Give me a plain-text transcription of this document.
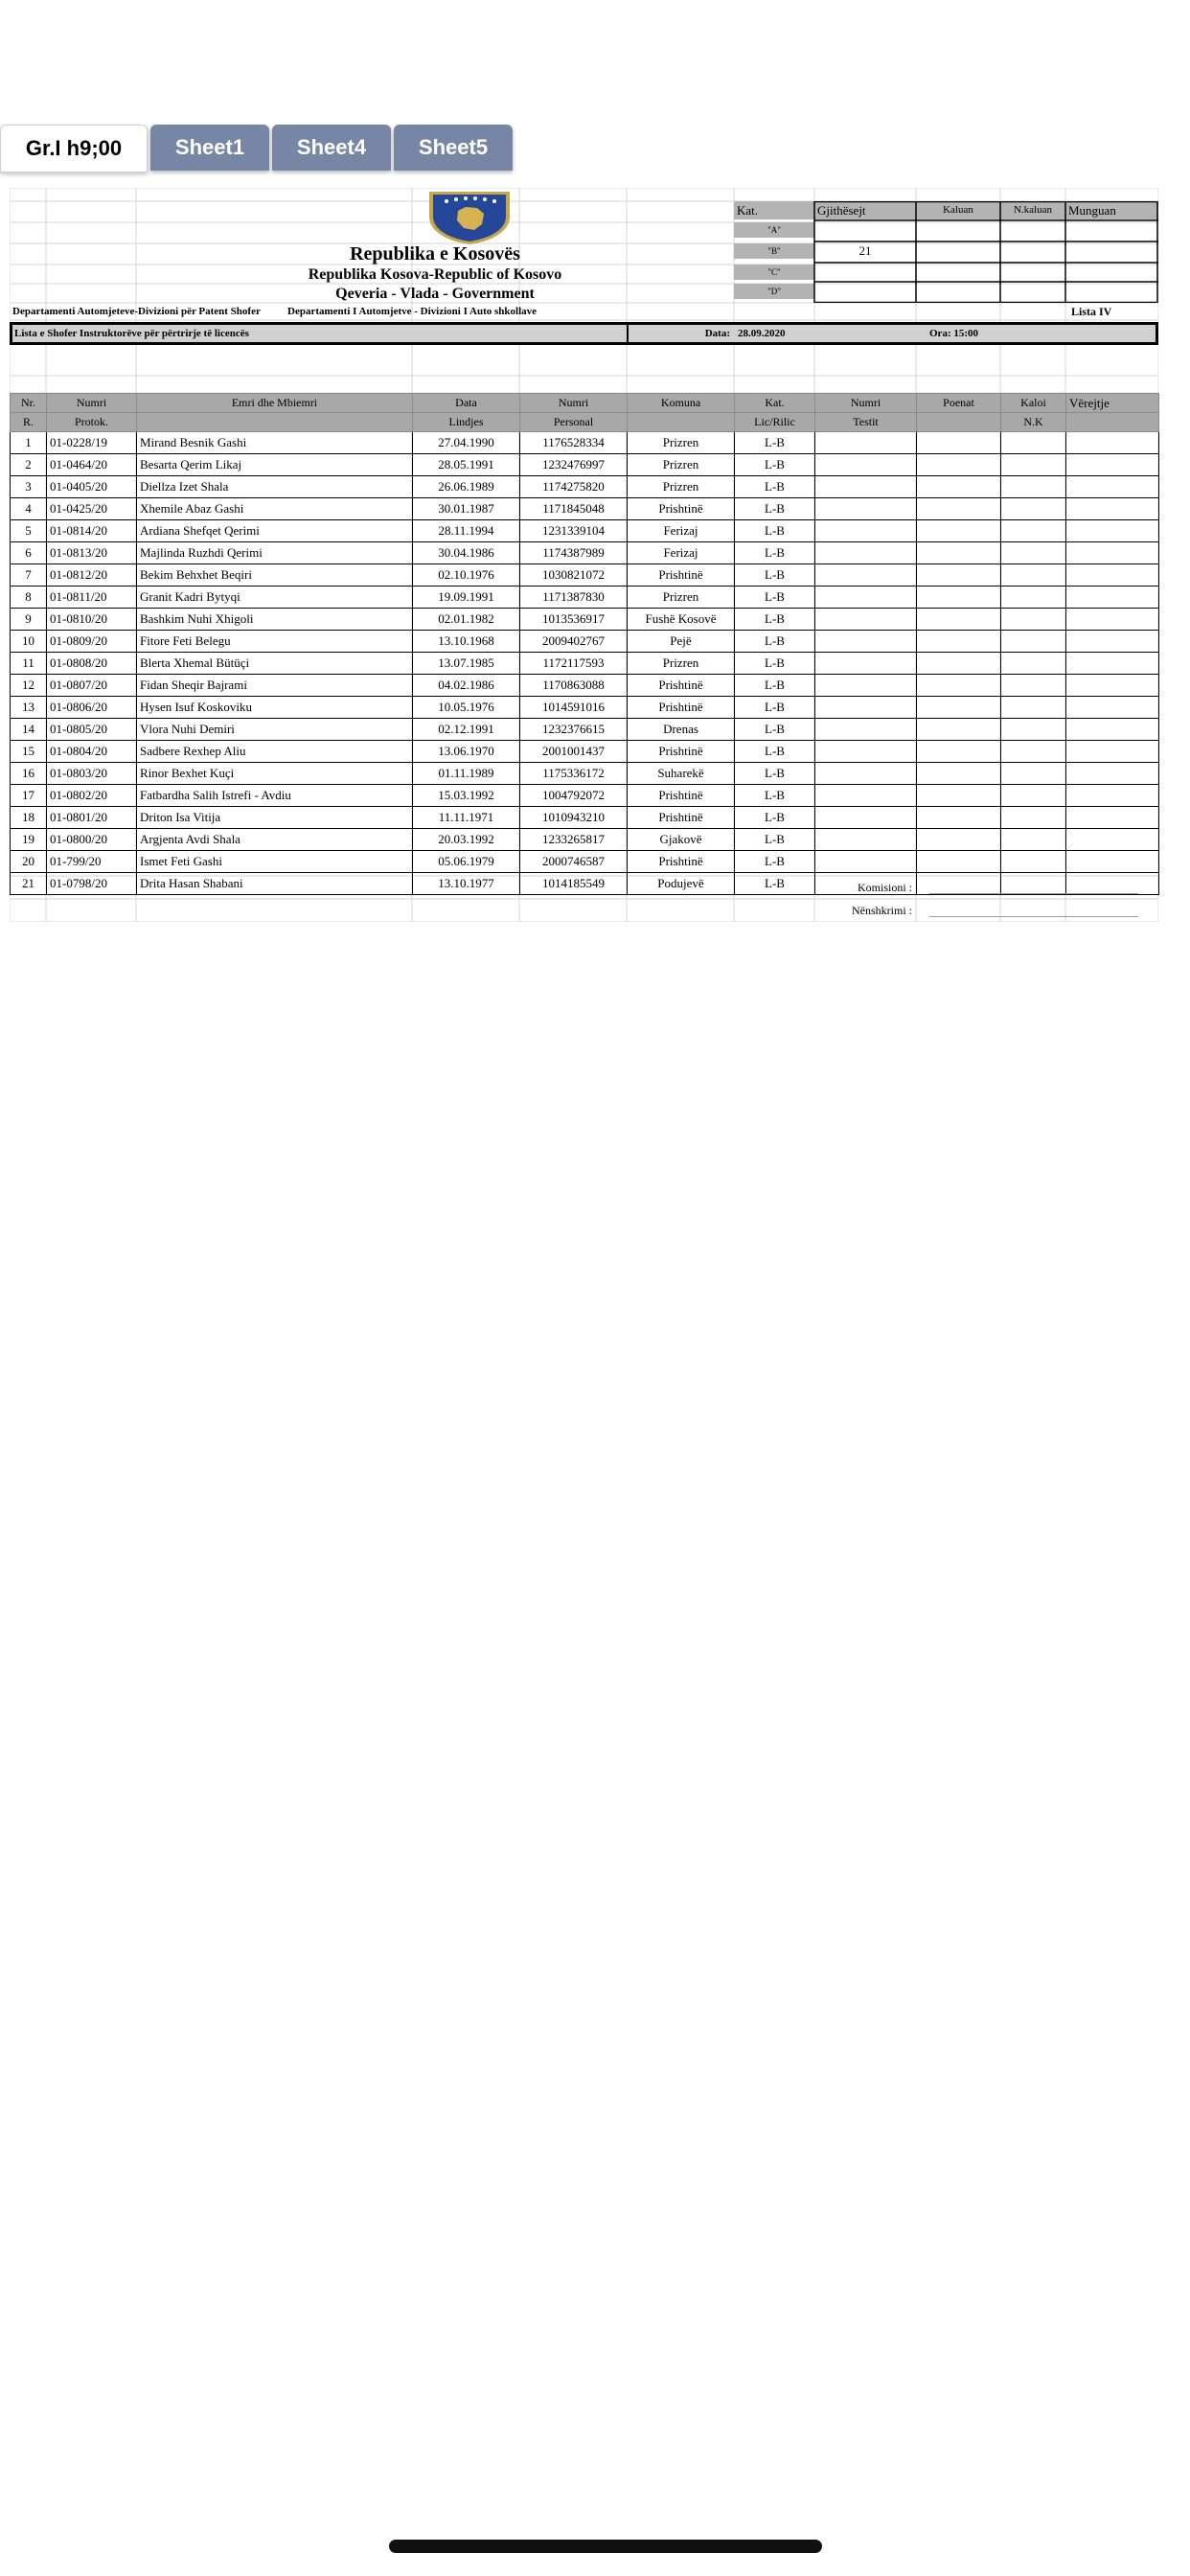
Gr.I h9;00	Sheet1	Sheet4	Sheet5
Republika e Kosovës
Republika Kosova-Republic of Kosovo
Qeveria - Vlada - Government
Departamenti Automjeteve-Divizioni për Patent Shofer	Departamenti I Automjetve - Divizioni I Auto shkollave	Lista IV
Kat.	Gjithësejt	Kaluan	N.kaluan	Munguan
"A"
"B"	21
"C"
"D"
Lista e Shofer Instruktorëve për përtrirje të licencës	Data: 28.09.2020	Ora: 15:00
Nr.	Numri	Emri dhe Mbiemri	Data	Numri	Komuna	Kat.	Numri	Poenat	Kaloi	Vërejtje
R.	Protok.		Lindjes	Personal		Lic/Rilic	Testit		N.K	
1	01-0228/19	Mirand Besnik Gashi	27.04.1990	1176528334	Prizren	L-B				
2	01-0464/20	Besarta Qerim Likaj	28.05.1991	1232476997	Prizren	L-B				
3	01-0405/20	Diellza Izet Shala	26.06.1989	1174275820	Prizren	L-B				
4	01-0425/20	Xhemile Abaz Gashi	30.01.1987	1171845048	Prishtinë	L-B				
5	01-0814/20	Ardiana Shefqet Qerimi	28.11.1994	1231339104	Ferizaj	L-B				
6	01-0813/20	Majlinda Ruzhdi Qerimi	30.04.1986	1174387989	Ferizaj	L-B				
7	01-0812/20	Bekim Behxhet Beqiri	02.10.1976	1030821072	Prishtinë	L-B				
8	01-0811/20	Granit Kadri Bytyqi	19.09.1991	1171387830	Prizren	L-B				
9	01-0810/20	Bashkim Nuhi Xhigoli	02.01.1982	1013536917	Fushë Kosovë	L-B				
10	01-0809/20	Fitore Feti Belegu	13.10.1968	2009402767	Pejë	L-B				
11	01-0808/20	Blerta Xhemal Bütüçi	13.07.1985	1172117593	Prizren	L-B				
12	01-0807/20	Fidan Sheqir Bajrami	04.02.1986	1170863088	Prishtinë	L-B				
13	01-0806/20	Hysen Isuf Koskoviku	10.05.1976	1014591016	Prishtinë	L-B				
14	01-0805/20	Vlora Nuhi Demiri	02.12.1991	1232376615	Drenas	L-B				
15	01-0804/20	Sadbere Rexhep Aliu	13.06.1970	2001001437	Prishtinë	L-B				
16	01-0803/20	Rinor Bexhet Kuçi	01.11.1989	1175336172	Suharekë	L-B				
17	01-0802/20	Fatbardha Salih Istrefi - Avdiu	15.03.1992	1004792072	Prishtinë	L-B				
18	01-0801/20	Driton Isa Vitija	11.11.1971	1010943210	Prishtinë	L-B				
19	01-0800/20	Argjenta Avdi Shala	20.03.1992	1233265817	Gjakovë	L-B				
20	01-799/20	Ismet Feti Gashi	05.06.1979	2000746587	Prishtinë	L-B				
21	01-0798/20	Drita Hasan Shabani	13.10.1977	1014185549	Podujevë	L-B					Komisioni :
Nënshkrimi :
